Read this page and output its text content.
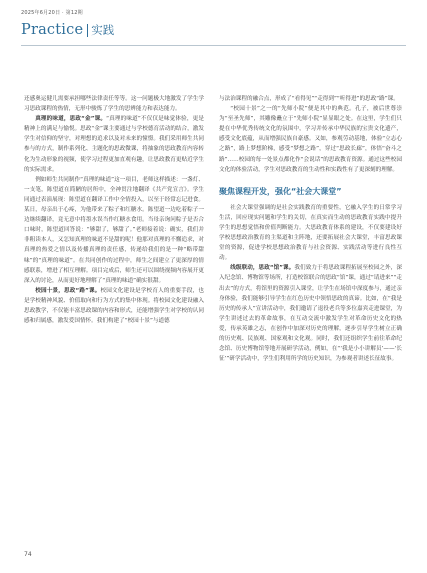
2025年6月20日 · 第12期
Practice 实践

还感奥运健儿需要承担哪些法律责任等等。这一问题极大地激发了学生学习思政课程的热情，无形中骏炼了学生的思辨能力和表达能力。

真理的味道，思政“金”课。“真理的味道”不仅仅是味觉体验，更是精神上的满足与愉悦。思政“金”课主要通过与学校德育活动的结合，激发学生对信仰的坚守，对理想的追求以及对未来的憧憬。我们采用师生共同参与的方式，制作系列化、主题化的思政微课，将抽象的思政教育内容转化为生动形象的视频，使学习过程更加直观有趣，让思政教育更贴近学生的实际需求。

例如师生共同制作“真理的味道”这一项目，老师这样描述：一盏灯、一支笔，陈望道在简陋的居所中，全神贯注地翻译《共产党宣言》。学生同通过表演展现：陈望道在翻译工作中全情投入，以至于经常忘记进食。某日，母亲出于心疼，为他带来了粽子和红糖水。陈望道一边吃着粽子一边继续翻译，竟无意中将墨水误当作红糖水食用。当母亲询问粽子是否合口味时，陈望道回答说：“够甜了，够甜了。”老师接着说：确实，我们并非粗读本人，又怎知真理的味道不是甜的呢！他那对真理的不懈追求，对真理的热爱之情以及传播真理的责任感，传递给我们的是一种“略带甜味”的“真理的味道”。在共同创作的过程中，师生之间建立了更深厚的情感联系，增进了相互理解。项目完成后，师生还可以围绕视频内容展开更深入的讨论，从而更好地理解了“真理的味道”确实很甜。

校园十景，思政“路”课。校园文化建设是学校育人的重要手段，也是学校精神风貌、价值取向和行为方式的集中体现。将校园文化建设融入思政教学，不仅能丰富思政课的内容和形式，还能增强学生对学校的认同感和归属感，激发爱国情怀。我们构建了“校园十景”与道德

与法治课程的融合点，形成了“看得见”“走得到”“听得进”的思政“路”课。

“校园十景”之一的“先师小院”便是其中的典范。孔子，被后世尊崇为“至圣先师”，其雕像矗立于“先师小院”显显眼之处。在这里，学生们只提在中华优秀传统文化的氛围中，学习并传承中华民族的宝贵文化遗产，感受文化底蕴，从而增强民族自豪感。又如，参观劳动基地，体验“立志心之路”，路上梦想阶梯，感受“梦想之路”，穿过“思政长廊”，体悟“奋斗之路”……校园的每一处景点都化作“会说话”的思政教育资源。通过这些校园文化的体验活动，学生对思政教育的生动性和实践性有了更深刻的理解。

聚焦课程开发，强化“社会大课堂”

社会大课堂强调的是社会实践教育的重要性，它融入学生的日常学习生活，回应现实问题和学生的关切，在真实而生动的思政教育实践中提升学生的思想觉悟和价值判断能力。大思政教育体系的建设，不仅要建设好学校思想政治教育的主渠道和主阵地，还要拓展社会大课堂，丰富思政课堂的资源，促进学校思想政治教育与社会资源、实践活动等进行良性互动。

线级联动，思政“馆”课。我们致力于将思政课程拓展至校园之外，深入纪念馆、博物馆等场所，打造校馆联合的思政“馆”课，通过“请进来”“走出去”的方式，将馆里的资源引入课堂，让学生在场馆中深度参与，通过亲身体验，我们能够引导学生在红色历史中领悟思政的真谛。比如，在“我是历史的传承人”宣讲活动中，我们邀请了退役老兵等多位嘉宾走进课堂，为学生讲述过去的革命故事，在互动交流中激发学生对革命历史文化的热爱，传承英雄之志，在创作中加深对历史的理解，逐步引导学生树立正确的历史观、民族观、国家观和文化观。同时，我们还组织学生前往革命纪念馆、历史博物馆等地开展研学活动，例如，在“‘我是小小讲解员’——‘长征’”研学活动中，学生们利用所学的历史知识，为参观者讲述长征故事。

74
